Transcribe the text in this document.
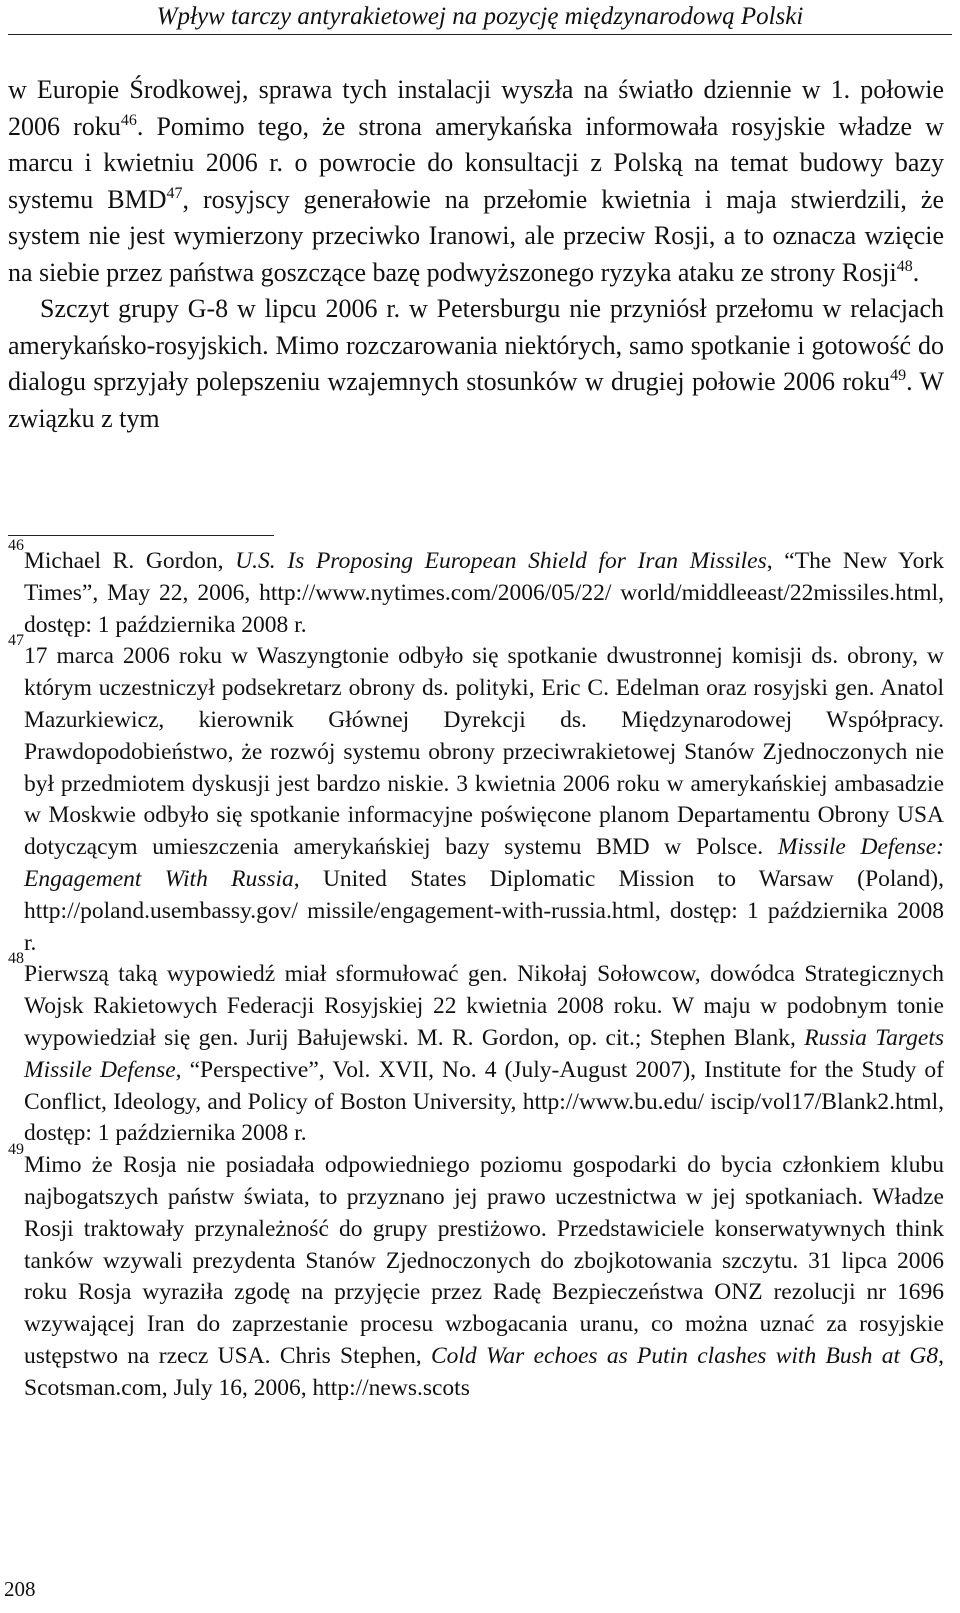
Wpływ tarczy antyrakietowej na pozycję międzynarodową Polski

w Europie Środkowej, sprawa tych instalacji wyszła na światło dziennie w 1. połowie 2006 roku$^{46}$. Pomimo tego, że strona amerykańska informowała rosyjskie władze w marcu i kwietniu 2006 r. o powrocie do konsultacji z Polską na temat budowy bazy systemu BMD$^{47}$, rosyjscy generałowie na przełomie kwietnia i maja stwierdzili, że system nie jest wymierzony przeciwko Iranowi, ale przeciw Rosji, a to oznacza wzięcie na siebie przez państwa goszczące bazę podwyższonego ryzyka ataku ze strony Rosji$^{48}$.

Szczyt grupy G-8 w lipcu 2006 r. w Petersburgu nie przyniósł przełomu w relacjach amerykańsko-rosyjskich. Mimo rozczarowania niektórych, samo spotkanie i gotowość do dialogu sprzyjały polepszeniu wzajemnych stosunków w drugiej połowie 2006 roku$^{49}$. W związku z tym

46
Michael R. Gordon, U.S. Is Proposing European Shield for Iran Missiles, “The New York Times”, May 22, 2006, http://www.nytimes.com/2006/05/22/ world/middleeast/22missiles.html, dostęp: 1 października 2008 r.

47
17 marca 2006 roku w Waszyngtonie odbyło się spotkanie dwustronnej komisji ds. obrony, w którym uczestniczył podsekretarz obrony ds. polityki, Eric C. Edelman oraz rosyjski gen. Anatol Mazurkiewicz, kierownik Głównej Dyrekcji ds. Międzynarodowej Współpracy. Prawdopodobieństwo, że rozwój systemu obrony przeciwrakietowej Stanów Zjednoczonych nie był przedmiotem dyskusji jest bardzo niskie. 3 kwietnia 2006 roku w amerykańskiej ambasadzie w Moskwie odbyło się spotkanie informacyjne poświęcone planom Departamentu Obrony USA dotyczącym umieszczenia amerykańskiej bazy systemu BMD w Polsce. Missile Defense: Engagement With Russia, United States Diplomatic Mission to Warsaw (Poland), http://poland.usembassy.gov/ missile/engagement-with-russia.html, dostęp: 1 października 2008 r.

48
Pierwszą taką wypowiedź miał sformułować gen. Nikołaj Sołowcow, dowódca Strategicznych Wojsk Rakietowych Federacji Rosyjskiej 22 kwietnia 2008 roku. W maju w podobnym tonie wypowiedział się gen. Jurij Bałujewski. M. R. Gordon, op. cit.; Stephen Blank, Russia Targets Missile Defense, “Perspective”, Vol. XVII, No. 4 (July-August 2007), Institute for the Study of Conflict, Ideology, and Policy of Boston University, http://www.bu.edu/ iscip/vol17/Blank2.html, dostęp: 1 października 2008 r.

49
Mimo że Rosja nie posiadała odpowiedniego poziomu gospodarki do bycia członkiem klubu najbogatszych państw świata, to przyznano jej prawo uczestnictwa w jej spotkaniach. Władze Rosji traktowały przynależność do grupy prestiżowo. Przedstawiciele konserwatywnych think tanków wzywali prezydenta Stanów Zjednoczonych do zbojkotowania szczytu. 31 lipca 2006 roku Rosja wyraziła zgodę na przyjęcie przez Radę Bezpieczeństwa ONZ rezolucji nr 1696 wzywającej Iran do zaprzestanie procesu wzbogacania uranu, co można uznać za rosyjskie ustępstwo na rzecz USA. Chris Stephen, Cold War echoes as Putin clashes with Bush at G8, Scotsman.com, July 16, 2006, http://news.scots

208
